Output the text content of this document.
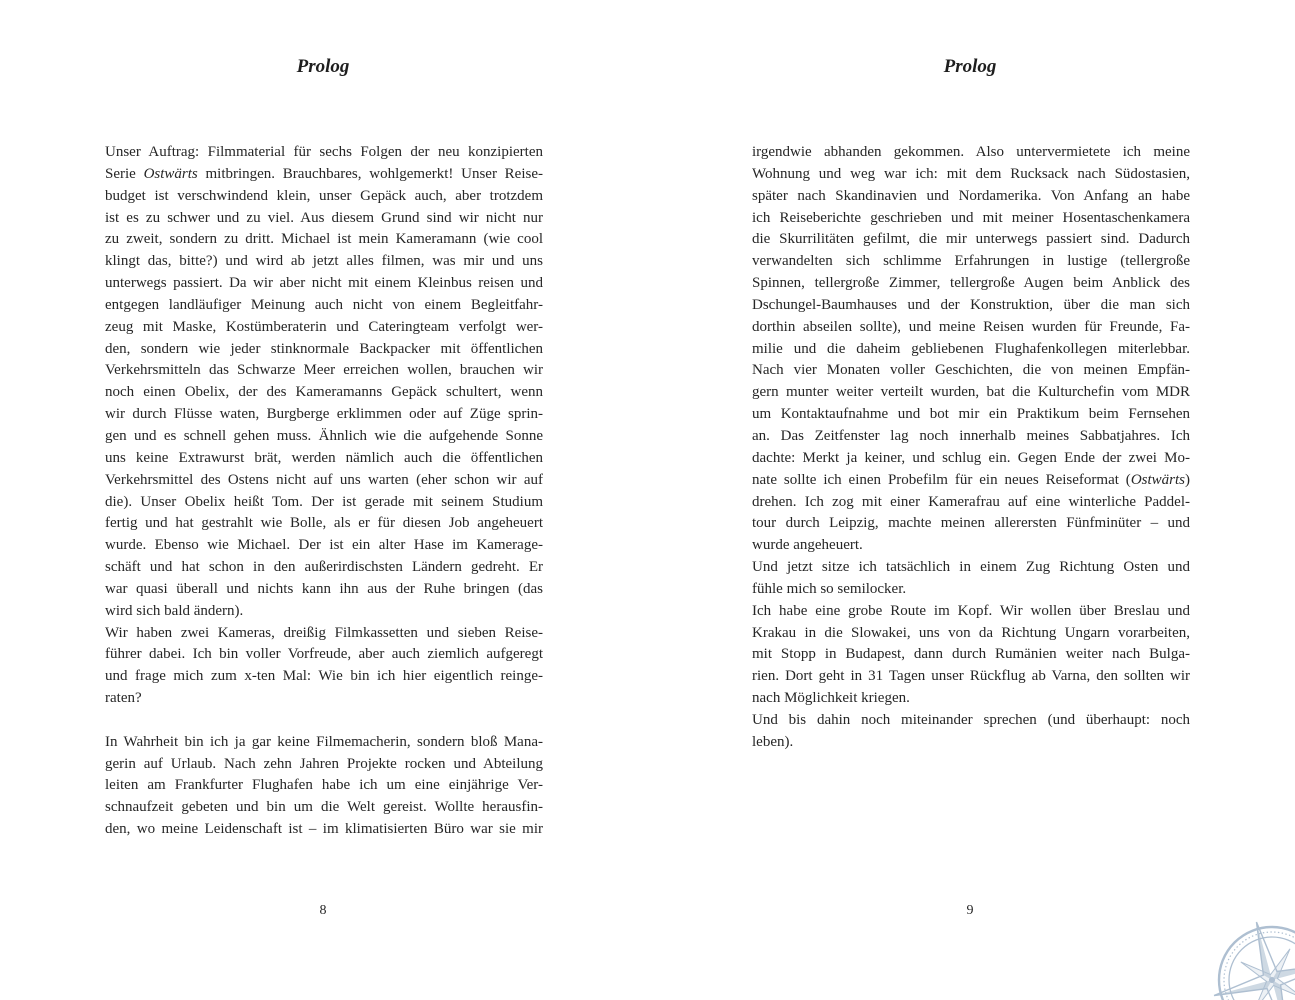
Prolog
Unser Auftrag: Filmmaterial für sechs Folgen der neu konzipierten
Serie Ostwärts mitbringen. Brauchbares, wohlgemerkt! Unser Reise-
budget ist verschwindend klein, unser Gepäck auch, aber trotzdem
ist es zu schwer und zu viel. Aus diesem Grund sind wir nicht nur
zu zweit, sondern zu dritt. Michael ist mein Kameramann (wie cool
klingt das, bitte?) und wird ab jetzt alles filmen, was mir und uns
unterwegs passiert. Da wir aber nicht mit einem Kleinbus reisen und
entgegen landläufiger Meinung auch nicht von einem Begleitfahr-
zeug mit Maske, Kostümberaterin und Cateringteam verfolgt wer-
den, sondern wie jeder stinknormale Backpacker mit öffentlichen
Verkehrsmitteln das Schwarze Meer erreichen wollen, brauchen wir
noch einen Obelix, der des Kameramanns Gepäck schultert, wenn
wir durch Flüsse waten, Burgberge erklimmen oder auf Züge sprin-
gen und es schnell gehen muss. Ähnlich wie die aufgehende Sonne
uns keine Extrawurst brät, werden nämlich auch die öffentlichen
Verkehrsmittel des Ostens nicht auf uns warten (eher schon wir auf
die). Unser Obelix heißt Tom. Der ist gerade mit seinem Studium
fertig und hat gestrahlt wie Bolle, als er für diesen Job angeheuert
wurde. Ebenso wie Michael. Der ist ein alter Hase im Kamerage-
schäft und hat schon in den außerirdischsten Ländern gedreht. Er
war quasi überall und nichts kann ihn aus der Ruhe bringen (das
wird sich bald ändern).
Wir haben zwei Kameras, dreißig Filmkassetten und sieben Reise-
führer dabei. Ich bin voller Vorfreude, aber auch ziemlich aufgeregt
und frage mich zum x-ten Mal: Wie bin ich hier eigentlich reinge-
raten?
In Wahrheit bin ich ja gar keine Filmemacherin, sondern bloß Mana-
gerin auf Urlaub. Nach zehn Jahren Projekte rocken und Abteilung
leiten am Frankfurter Flughafen habe ich um eine einjährige Ver-
schnaufzeit gebeten und bin um die Welt gereist. Wollte herausfin-
den, wo meine Leidenschaft ist – im klimatisierten Büro war sie mir
8
Prolog
irgendwie abhanden gekommen. Also untervermietete ich meine
Wohnung und weg war ich: mit dem Rucksack nach Südostasien,
später nach Skandinavien und Nordamerika. Von Anfang an habe
ich Reiseberichte geschrieben und mit meiner Hosentaschenkamera
die Skurrilitäten gefilmt, die mir unterwegs passiert sind. Dadurch
verwandelten sich schlimme Erfahrungen in lustige (tellergroße
Spinnen, tellergroße Zimmer, tellergroße Augen beim Anblick des
Dschungel-Baumhauses und der Konstruktion, über die man sich
dorthin abseilen sollte), und meine Reisen wurden für Freunde, Fa-
milie und die daheim gebliebenen Flughafenkollegen miterlebbar.
Nach vier Monaten voller Geschichten, die von meinen Empfän-
gern munter weiter verteilt wurden, bat die Kulturchefin vom MDR
um Kontaktaufnahme und bot mir ein Praktikum beim Fernsehen
an. Das Zeitfenster lag noch innerhalb meines Sabbatjahres. Ich
dachte: Merkt ja keiner, und schlug ein. Gegen Ende der zwei Mo-
nate sollte ich einen Probefilm für ein neues Reiseformat (Ostwärts)
drehen. Ich zog mit einer Kamerafrau auf eine winterliche Paddel-
tour durch Leipzig, machte meinen allerersten Fünfminüter – und
wurde angeheuert.
Und jetzt sitze ich tatsächlich in einem Zug Richtung Osten und
fühle mich so semilocker.
Ich habe eine grobe Route im Kopf. Wir wollen über Breslau und
Krakau in die Slowakei, uns von da Richtung Ungarn vorarbeiten,
mit Stopp in Budapest, dann durch Rumänien weiter nach Bulga-
rien. Dort geht in 31 Tagen unser Rückflug ab Varna, den sollten wir
nach Möglichkeit kriegen.
Und bis dahin noch miteinander sprechen (und überhaupt: noch
leben).
9
